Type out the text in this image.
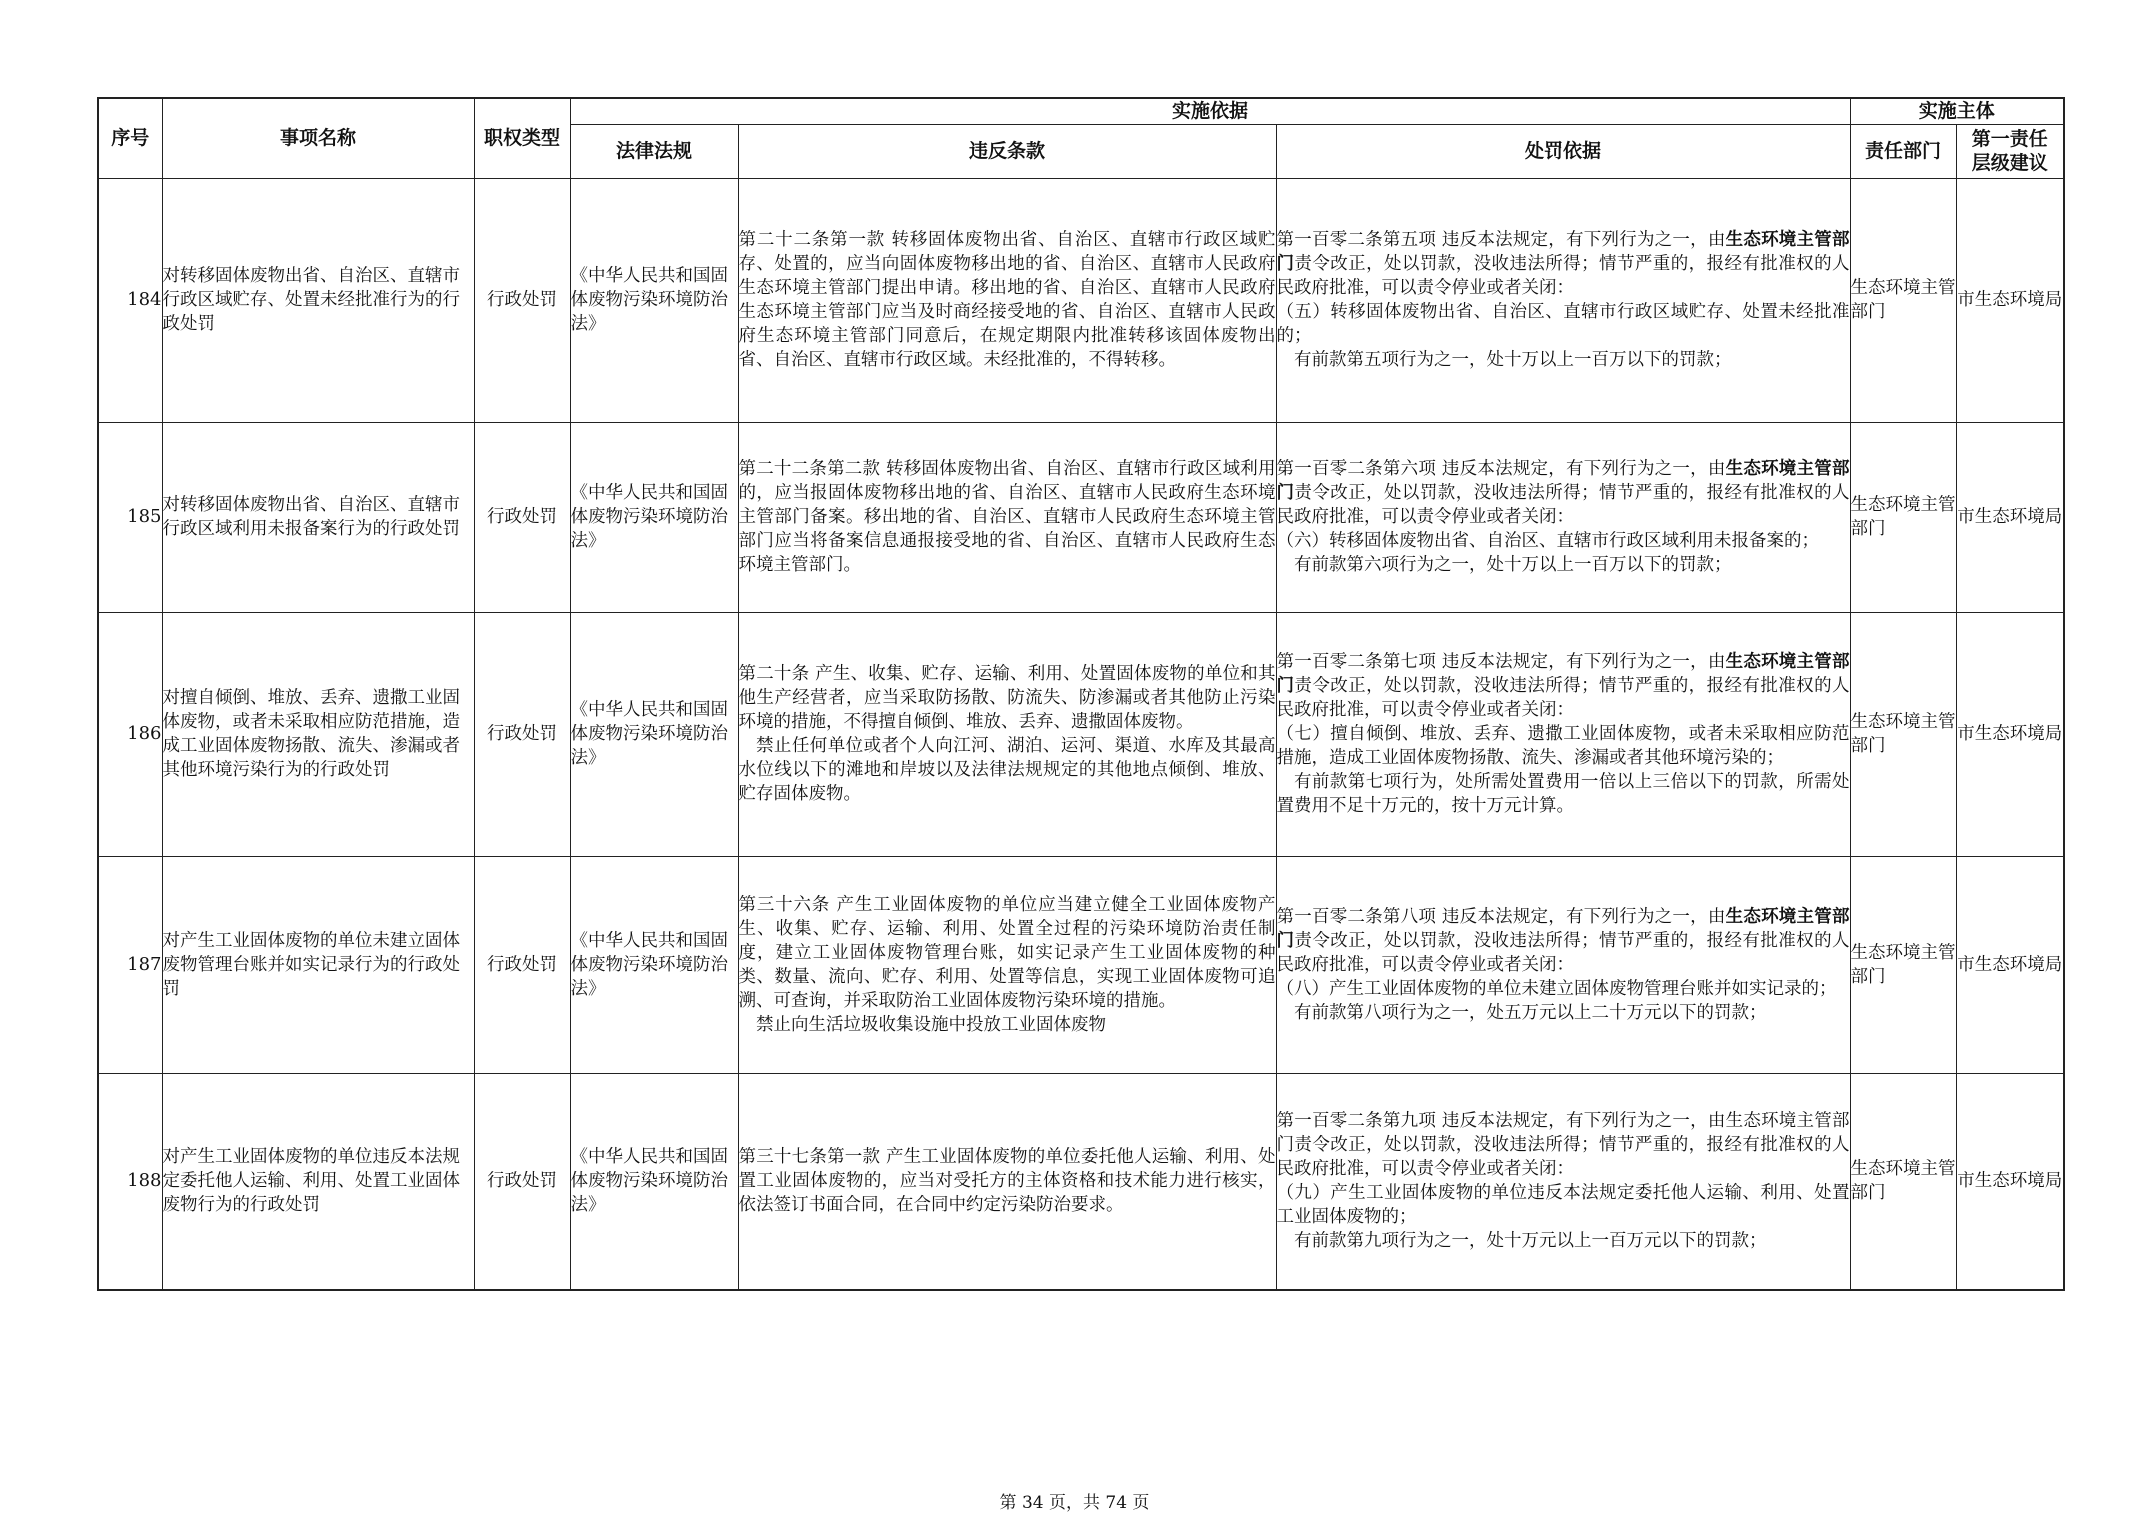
序号	事项名称	职权类型	实施依据			实施主体	
			法律法规	违反条款	处罚依据	责任部门	第一责任层级建议
184	对转移固体废物出省、自治区、直辖市行政区域贮存、处置未经批准行为的行政处罚	行政处罚	《中华人民共和国固体废物污染环境防治法》	第二十二条第一款 转移固体废物出省、自治区、直辖市行政区域贮存、处置的，应当向固体废物移出地的省、自治区、直辖市人民政府生态环境主管部门提出申请。移出地的省、自治区、直辖市人民政府生态环境主管部门应当及时商经接受地的省、自治区、直辖市人民政府生态环境主管部门同意后，在规定期限内批准转移该固体废物出省、自治区、直辖市行政区域。未经批准的，不得转移。	第一百零二条第五项 违反本法规定，有下列行为之一，由生态环境主管部门责令改正，处以罚款，没收违法所得；情节严重的，报经有批准权的人民政府批准，可以责令停业或者关闭：
（五）转移固体废物出省、自治区、直辖市行政区域贮存、处置未经批准的；
有前款第五项行为之一，处十万以上一百万以下的罚款；	生态环境主管部门	市生态环境局
185	对转移固体废物出省、自治区、直辖市行政区域利用未报备案行为的行政处罚	行政处罚	《中华人民共和国固体废物污染环境防治法》	第二十二条第二款 转移固体废物出省、自治区、直辖市行政区域利用的，应当报固体废物移出地的省、自治区、直辖市人民政府生态环境主管部门备案。移出地的省、自治区、直辖市人民政府生态环境主管部门应当将备案信息通报接受地的省、自治区、直辖市人民政府生态环境主管部门。	第一百零二条第六项 违反本法规定，有下列行为之一，由生态环境主管部门责令改正，处以罚款，没收违法所得；情节严重的，报经有批准权的人民政府批准，可以责令停业或者关闭：
（六）转移固体废物出省、自治区、直辖市行政区域利用未报备案的；
有前款第六项行为之一，处十万以上一百万以下的罚款；	生态环境主管部门	市生态环境局
186	对擅自倾倒、堆放、丢弃、遗撒工业固体废物，或者未采取相应防范措施，造成工业固体废物扬散、流失、渗漏或者其他环境污染行为的行政处罚	行政处罚	《中华人民共和国固体废物污染环境防治法》	第二十条 产生、收集、贮存、运输、利用、处置固体废物的单位和其他生产经营者，应当采取防扬散、防流失、防渗漏或者其他防止污染环境的措施，不得擅自倾倒、堆放、丢弃、遗撒固体废物。
禁止任何单位或者个人向江河、湖泊、运河、渠道、水库及其最高水位线以下的滩地和岸坡以及法律法规规定的其他地点倾倒、堆放、贮存固体废物。	第一百零二条第七项 违反本法规定，有下列行为之一，由生态环境主管部门责令改正，处以罚款，没收违法所得；情节严重的，报经有批准权的人民政府批准，可以责令停业或者关闭：
（七）擅自倾倒、堆放、丢弃、遗撒工业固体废物，或者未采取相应防范措施，造成工业固体废物扬散、流失、渗漏或者其他环境污染的；
有前款第七项行为，处所需处置费用一倍以上三倍以下的罚款，所需处置费用不足十万元的，按十万元计算。	生态环境主管部门	市生态环境局
187	对产生工业固体废物的单位未建立固体废物管理台账并如实记录行为的行政处罚	行政处罚	《中华人民共和国固体废物污染环境防治法》	第三十六条 产生工业固体废物的单位应当建立健全工业固体废物产生、收集、贮存、运输、利用、处置全过程的污染环境防治责任制度，建立工业固体废物管理台账，如实记录产生工业固体废物的种类、数量、流向、贮存、利用、处置等信息，实现工业固体废物可追溯、可查询，并采取防治工业固体废物污染环境的措施。
禁止向生活垃圾收集设施中投放工业固体废物	第一百零二条第八项 违反本法规定，有下列行为之一，由生态环境主管部门责令改正，处以罚款，没收违法所得；情节严重的，报经有批准权的人民政府批准，可以责令停业或者关闭：
（八）产生工业固体废物的单位未建立固体废物管理台账并如实记录的；
有前款第八项行为之一，处五万元以上二十万元以下的罚款；	生态环境主管部门	市生态环境局
188	对产生工业固体废物的单位违反本法规定委托他人运输、利用、处置工业固体废物行为的行政处罚	行政处罚	《中华人民共和国固体废物污染环境防治法》	第三十七条第一款 产生工业固体废物的单位委托他人运输、利用、处置工业固体废物的，应当对受托方的主体资格和技术能力进行核实，依法签订书面合同，在合同中约定污染防治要求。	第一百零二条第九项 违反本法规定，有下列行为之一，由生态环境主管部门责令改正，处以罚款，没收违法所得；情节严重的，报经有批准权的人民政府批准，可以责令停业或者关闭：
（九）产生工业固体废物的单位违反本法规定委托他人运输、利用、处置工业固体废物的；
有前款第九项行为之一，处十万元以上一百万元以下的罚款；	生态环境主管部门	市生态环境局
第 34 页，共 74 页
